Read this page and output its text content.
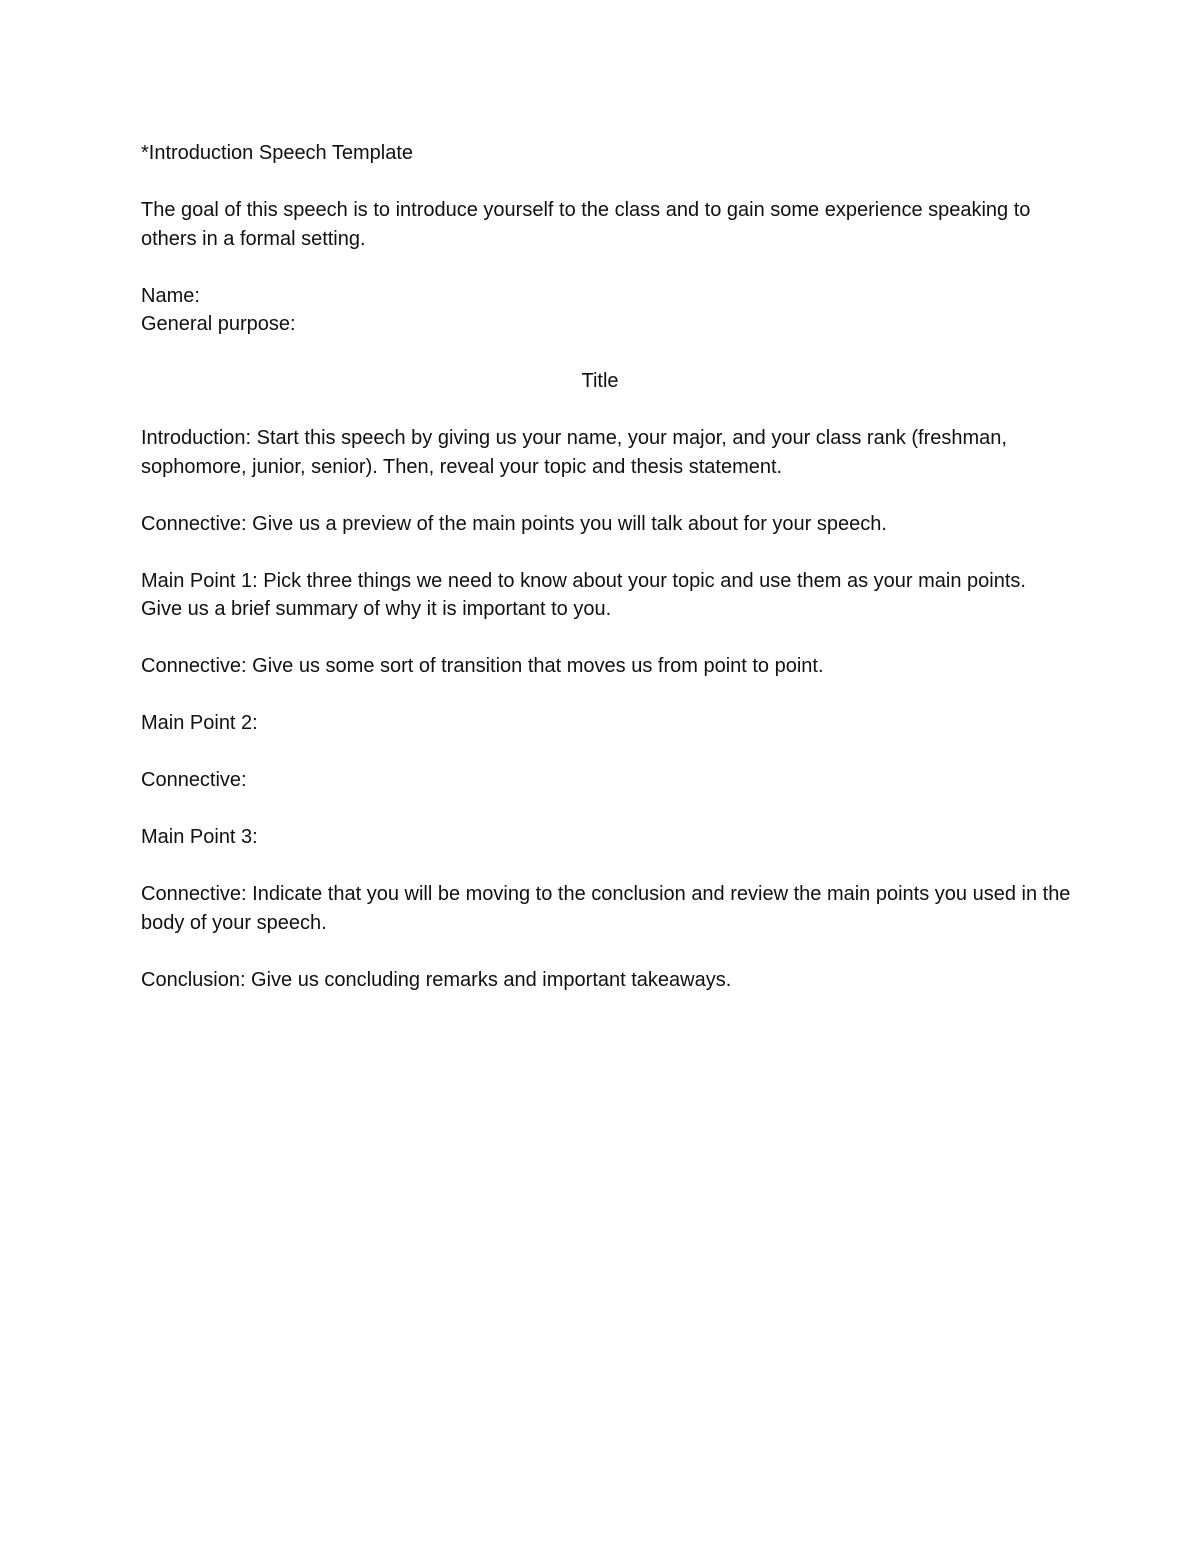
*Introduction Speech Template

The goal of this speech is to introduce yourself to the class and to gain some experience speaking to others in a formal setting.

Name:
General purpose:

Title

Introduction: Start this speech by giving us your name, your major, and your class rank (freshman, sophomore, junior, senior). Then, reveal your topic and thesis statement.

Connective: Give us a preview of the main points you will talk about for your speech.

Main Point 1: Pick three things we need to know about your topic and use them as your main points. Give us a brief summary of why it is important to you.

Connective: Give us some sort of transition that moves us from point to point.

Main Point 2:

Connective:

Main Point 3:

Connective: Indicate that you will be moving to the conclusion and review the main points you used in the body of your speech.

Conclusion: Give us concluding remarks and important takeaways.
